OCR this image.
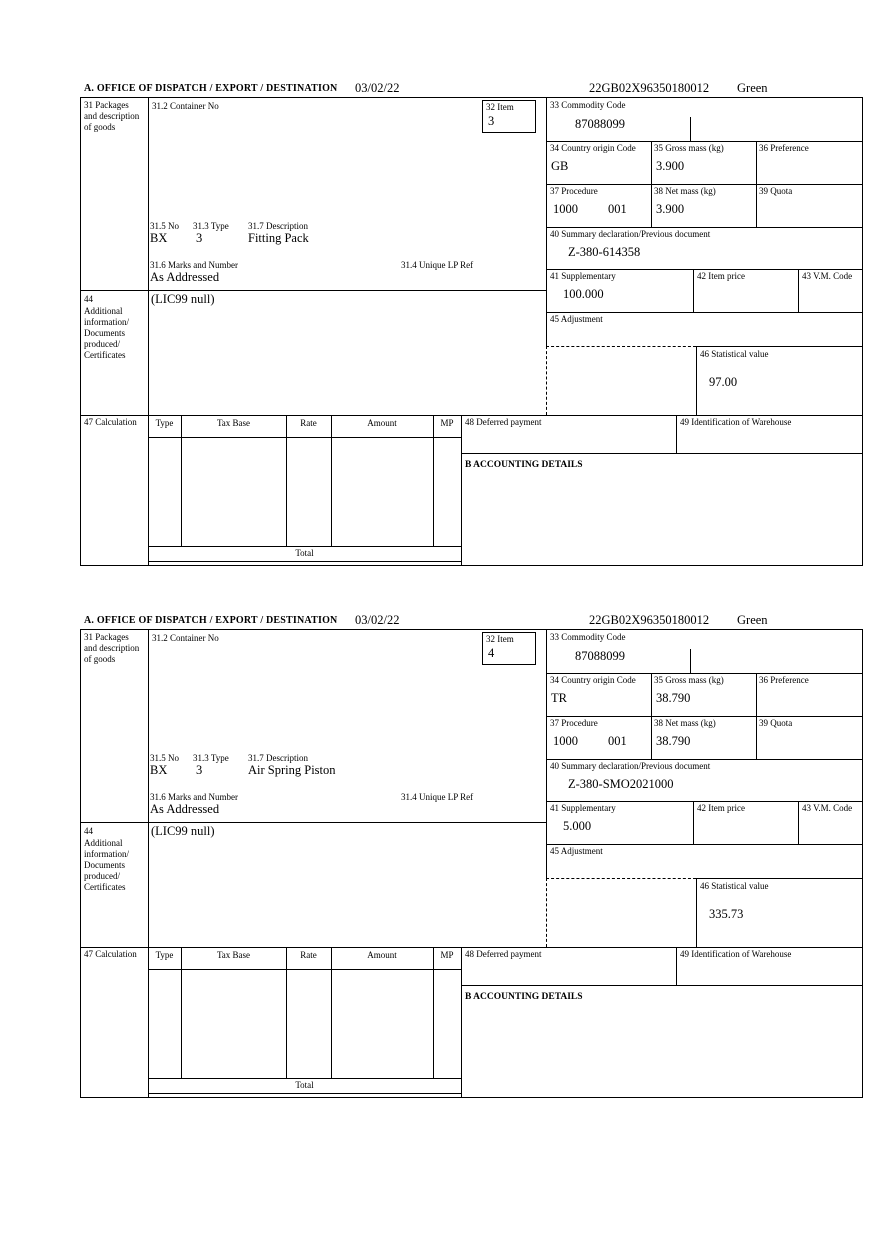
A. OFFICE OF DISPATCH / EXPORT / DESTINATION 03/02/22	22GB02X96350180012 Green
31 Packages and description of goods
31.2 Container No	32 Item
3
33 Commodity Code
87088099
34 Country origin Code
GB
35 Gross mass (kg)
3.900
36 Preference
37 Procedure
1000 001
38 Net mass (kg)
3.900
39 Quota
31.5 No 31.3 Type 31.7 Description
BX 3	Fitting Pack
31.6 Marks and Number	31.4 Unique LP Ref
As Addressed
40 Summary declaration/Previous document
Z-380-614358
41 Supplementary
100.000
42 Item price	43 V.M. Code
44
Additional information/ Documents produced/ Certificates
(LIC99 null)
45 Adjustment
46 Statistical value
97.00
47 Calculation	Type	Tax Base	Rate	Amount	MP
Total
48 Deferred payment	49 Identification of Warehouse
B ACCOUNTING DETAILS
A. OFFICE OF DISPATCH / EXPORT / DESTINATION 03/02/22	22GB02X96350180012 Green
31 Packages and description of goods
31.2 Container No	32 Item
4
33 Commodity Code
87088099
34 Country origin Code
TR
35 Gross mass (kg)
38.790
36 Preference
37 Procedure
1000 001
38 Net mass (kg)
38.790
39 Quota
31.5 No 31.3 Type 31.7 Description
BX 3	Air Spring Piston
31.6 Marks and Number	31.4 Unique LP Ref
As Addressed
40 Summary declaration/Previous document
Z-380-SMO2021000
41 Supplementary
5.000
42 Item price	43 V.M. Code
44
Additional information/ Documents produced/ Certificates
(LIC99 null)
45 Adjustment
46 Statistical value
335.73
47 Calculation	Type	Tax Base	Rate	Amount	MP
Total
48 Deferred payment	49 Identification of Warehouse
B ACCOUNTING DETAILS
